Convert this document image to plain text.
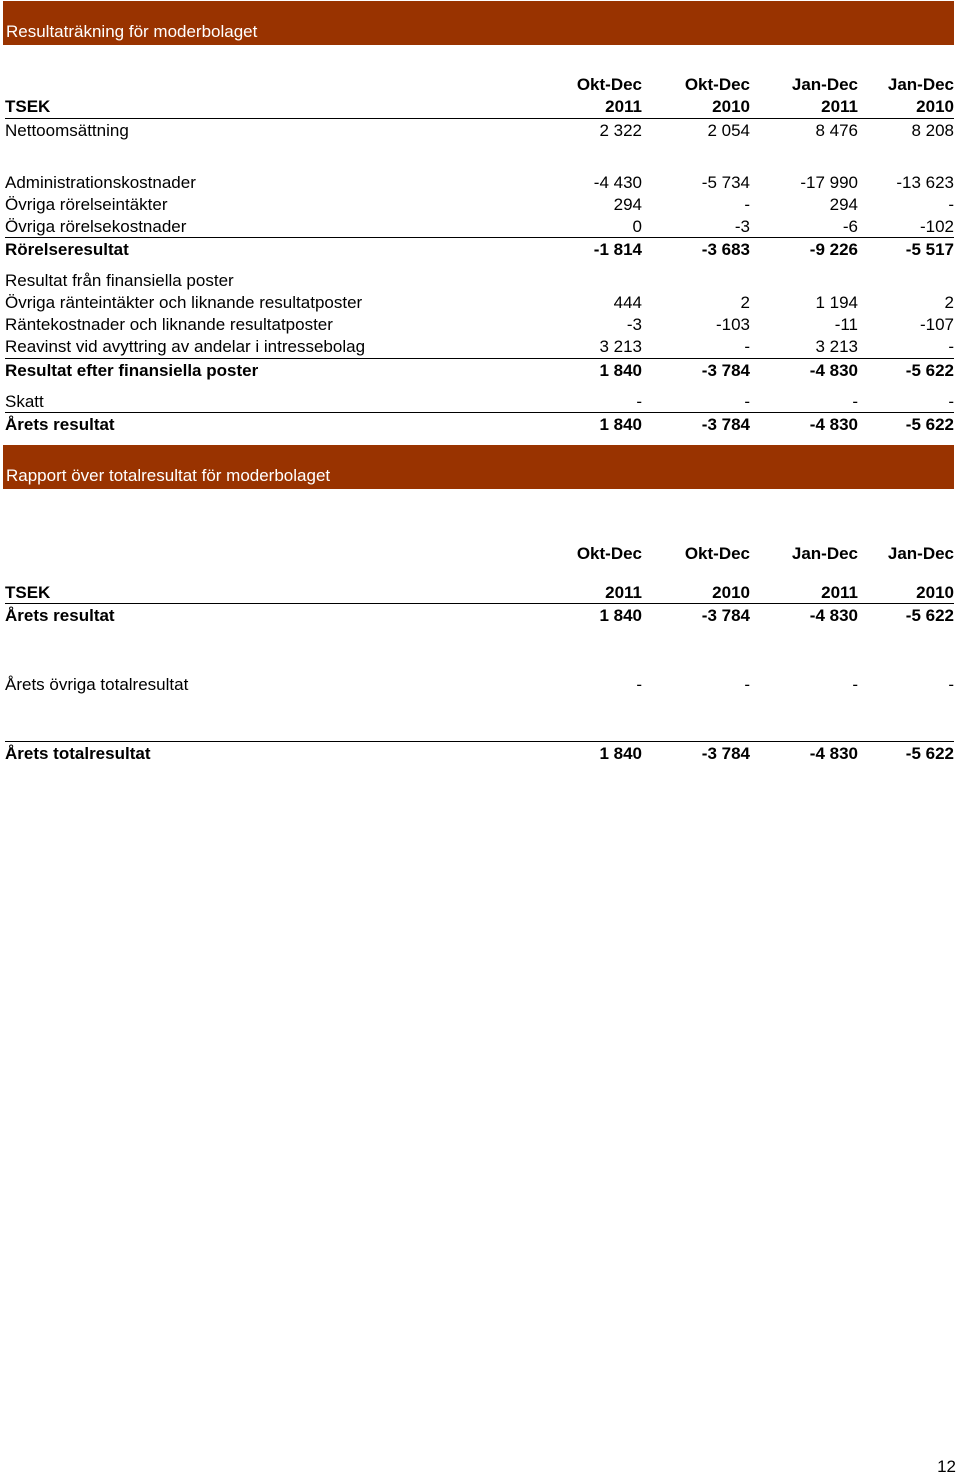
Resultaträkning för moderbolaget
Okt-Dec	Okt-Dec	Jan-Dec	Jan-Dec
TSEK	2011	2010	2011	2010
Nettoomsättning	2 322	2 054	8 476	8 208
Administrationskostnader	-4 430	-5 734	-17 990	-13 623
Övriga rörelseintäkter	294	-	294	-
Övriga rörelsekostnader	0	-3	-6	-102
Rörelseresultat	-1 814	-3 683	-9 226	-5 517
Resultat från finansiella poster
Övriga ränteintäkter och liknande resultatposter	444	2	1 194	2
Räntekostnader och liknande resultatposter	-3	-103	-11	-107
Reavinst vid avyttring av andelar i intressebolag	3 213	-	3 213	-
Resultat efter finansiella poster	1 840	-3 784	-4 830	-5 622
Skatt	-	-	-	-
Årets resultat	1 840	-3 784	-4 830	-5 622
Rapport över totalresultat för moderbolaget
Okt-Dec	Okt-Dec	Jan-Dec	Jan-Dec
TSEK	2011	2010	2011	2010
Årets resultat	1 840	-3 784	-4 830	-5 622
Årets övriga totalresultat	-	-	-	-
Årets totalresultat	1 840	-3 784	-4 830	-5 622
12
